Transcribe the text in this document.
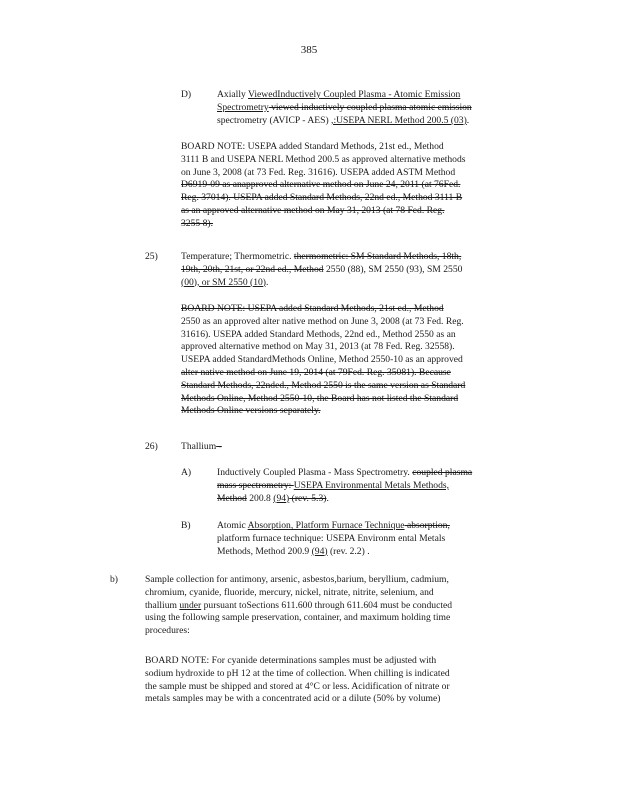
385
D)	Axially ViewedInductively Coupled Plasma - Atomic Emission
Spectrometry viewed inductively coupled plasma atomic emission
spectrometry (AVICP - AES) ,:USEPA NERL Method 200.5 (03).
BOARD NOTE: USEPA added Standard Methods, 21st ed., Method
3111 B and USEPA NERL Method 200.5 as approved alternative methods
on June 3, 2008 (at 73 Fed. Reg. 31616). USEPA added ASTM Method
D6919-09 as anapproved alternative method on June 24, 2011 (at 76Fed.
Reg. 37014). USEPA added Standard Methods, 22nd ed., Method 3111 B
as an approved alternative method on May 31, 2013 (at 78 Fed. Reg.
3255 8).
25) Temperature; Thermometric. thermometric: SM Standard Methods, 18th,
19th, 20th, 21st, or 22nd ed., Method 2550 (88), SM 2550 (93), SM 2550
(00), or SM 2550 (10).
BOARD NOTE: USEPA added Standard Methods, 21st ed., Method
2550 as an approved alter native method on June 3, 2008 (at 73 Fed. Reg.
31616). USEPA added Standard Methods, 22nd ed., Method 2550 as an
approved alternative method on May 31, 2013 (at 78 Fed. Reg. 32558).
USEPA added StandardMethods Online, Method 2550-10 as an approved
alter native method on June 19, 2014 (at 79Fed. Reg. 35081). Because
Standard Methods, 22nded., Method 2550 is the same version as Standard
Methods Online, Method 2550-10, the Board has not listed the Standard
Methods Online versions separately.
26) Thallium -
A)	Inductively Coupled Plasma - Mass Spectrometry. coupled plasma
mass spectrometry: USEPA Environmental Metals Methods,
Method 200.8 (94) (rev. 5.3).
B)	Atomic Absorption, Platform Furnace Technique absorption,
platform furnace technique: USEPA Environm ental Metals
Methods, Method 200.9 (94) (rev. 2.2) .
b)	Sample collection for antimony, arsenic, asbestos,barium, beryllium, cadmium,
chromium, cyanide, fluoride, mercury, nickel, nitrate, nitrite, selenium, and
thallium under pursuant toSections 611.600 through 611.604 must be conducted
using the following sample preservation, container, and maximum holding time
procedures:
BOARD NOTE: For cyanide determinations samples must be adjusted with
sodium hydroxide to pH 12 at the time of collection. When chilling is indicated
the sample must be shipped and stored at 4°C or less. Acidification of nitrate or
metals samples may be with a concentrated acid or a dilute (50% by volume)
